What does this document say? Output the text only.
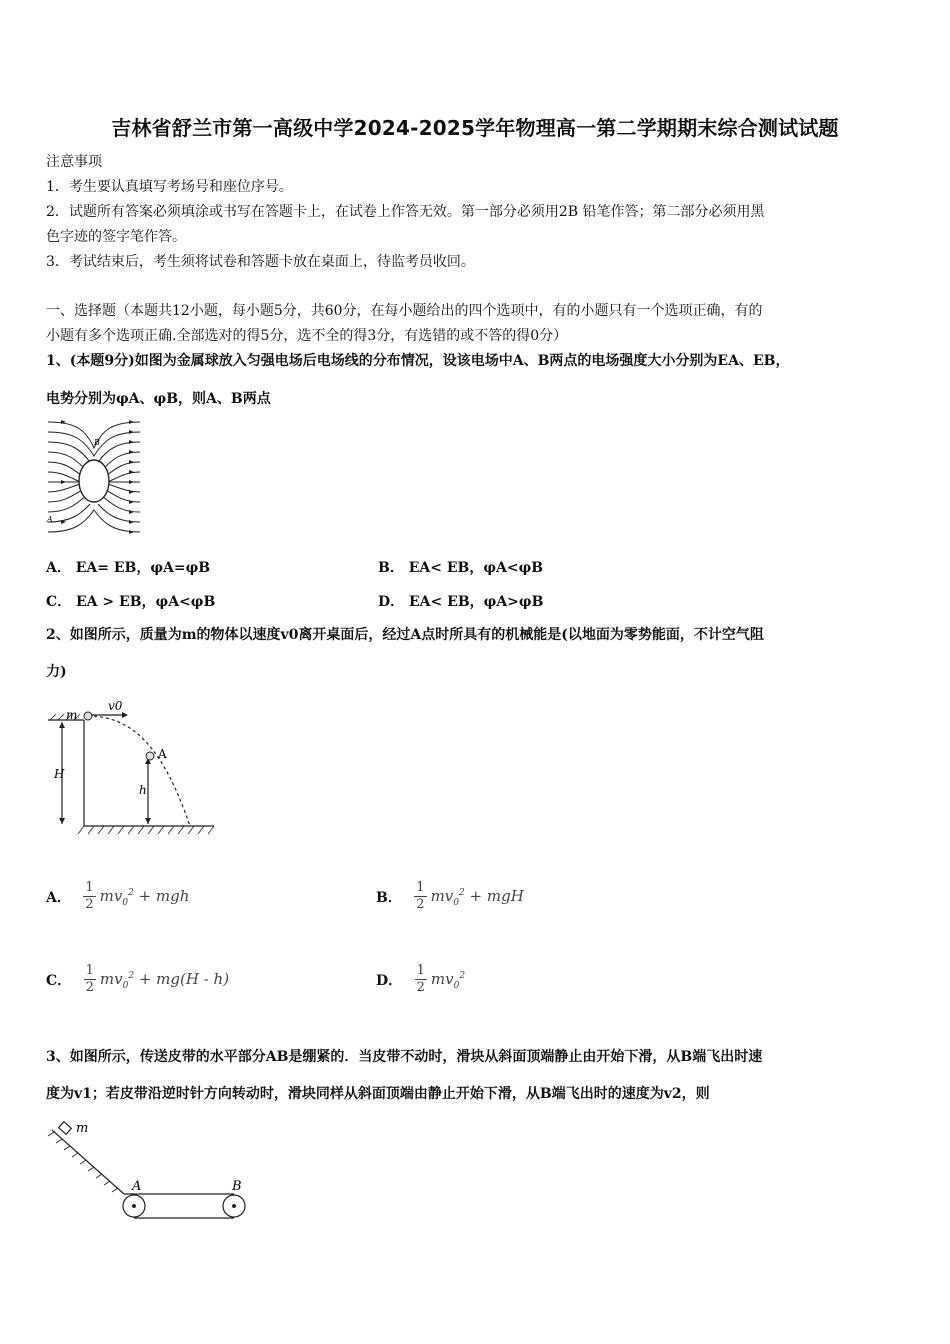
吉林省舒兰市第一高级中学2024-2025学年物理高一第二学期期末综合测试试题
注意事项
1．考生要认真填写考场号和座位序号。
2．试题所有答案必须填涂或书写在答题卡上，在试卷上作答无效。第一部分必须用2B 铅笔作答；第二部分必须用黑
色字迹的签字笔作答。
3．考试结束后，考生须将试卷和答题卡放在桌面上，待监考员收回。
一、选择题（本题共12小题，每小题5分，共60分，在每小题给出的四个选项中，有的小题只有一个选项正确，有的
小题有多个选项正确.全部选对的得5分，选不全的得3分，有选错的或不答的得0分）
1、(本题9分)如图为金属球放入匀强电场后电场线的分布情况，设该电场中A、B两点的电场强度大小分别为EA、EB，
电势分别为φA、φB，则A、B两点
B
A
A． EA= EB，φA=φB	B． EA< EB，φA<φB
C． EA > EB，φA<φB	D． EA< EB，φA>φB
2、如图所示，质量为m的物体以速度v0离开桌面后，经过A点时所具有的机械能是(以地面为零势能面，不计空气阻
力)
m
v0
A
H
h
A． $\frac{1}{2} mv_0^2$ + mgh	B． $\frac{1}{2} mv_0^2$ + mgH
C． $\frac{1}{2} mv_0^2 + mg(H - h)$	D． $\frac{1}{2} mv_0^2$
3、如图所示，传送皮带的水平部分AB是绷紧的．当皮带不动时，滑块从斜面顶端静止由开始下滑，从B端飞出时速
度为v1；若皮带沿逆时针方向转动时，滑块同样从斜面顶端由静止开始下滑，从B端飞出时的速度为v2，则
m
A	B
